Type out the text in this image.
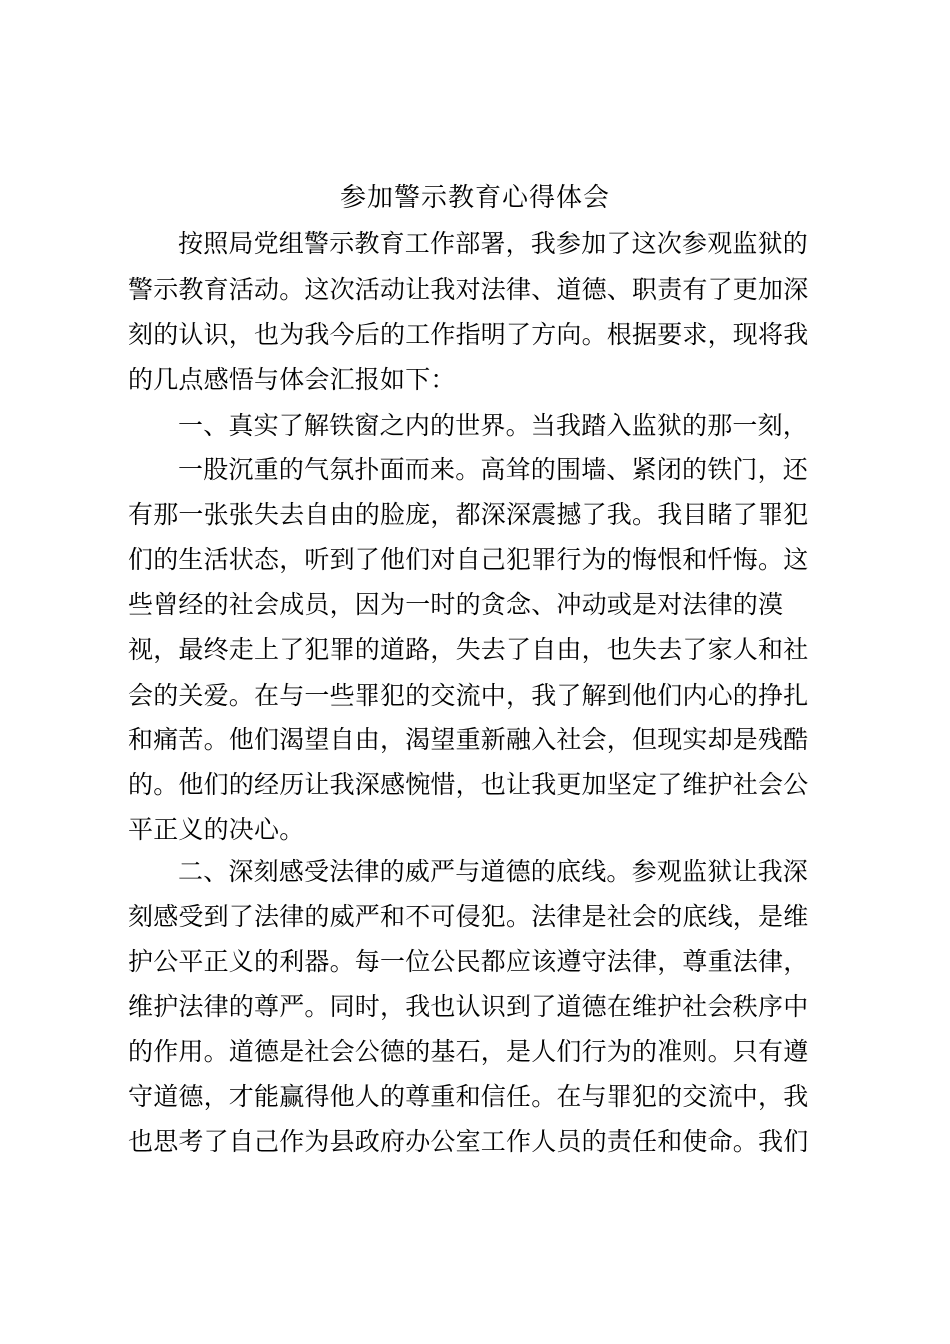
参加警示教育心得体会
按照局党组警示教育工作部署，我参加了这次参观监狱的
警示教育活动。这次活动让我对法律、道德、职责有了更加深
刻的认识，也为我今后的工作指明了方向。根据要求，现将我
的几点感悟与体会汇报如下：
一、真实了解铁窗之内的世界。当我踏入监狱的那一刻，
一股沉重的气氛扑面而来。高耸的围墙、紧闭的铁门，还
有那一张张失去自由的脸庞，都深深震撼了我。我目睹了罪犯
们的生活状态，听到了他们对自己犯罪行为的悔恨和忏悔。这
些曾经的社会成员，因为一时的贪念、冲动或是对法律的漠
视，最终走上了犯罪的道路，失去了自由，也失去了家人和社
会的关爱。在与一些罪犯的交流中，我了解到他们内心的挣扎
和痛苦。他们渴望自由，渴望重新融入社会，但现实却是残酷
的。他们的经历让我深感惋惜，也让我更加坚定了维护社会公
平正义的决心。
二、深刻感受法律的威严与道德的底线。参观监狱让我深
刻感受到了法律的威严和不可侵犯。法律是社会的底线，是维
护公平正义的利器。每一位公民都应该遵守法律，尊重法律，
维护法律的尊严。同时，我也认识到了道德在维护社会秩序中
的作用。道德是社会公德的基石，是人们行为的准则。只有遵
守道德，才能赢得他人的尊重和信任。在与罪犯的交流中，我
也思考了自己作为县政府办公室工作人员的责任和使命。我们
